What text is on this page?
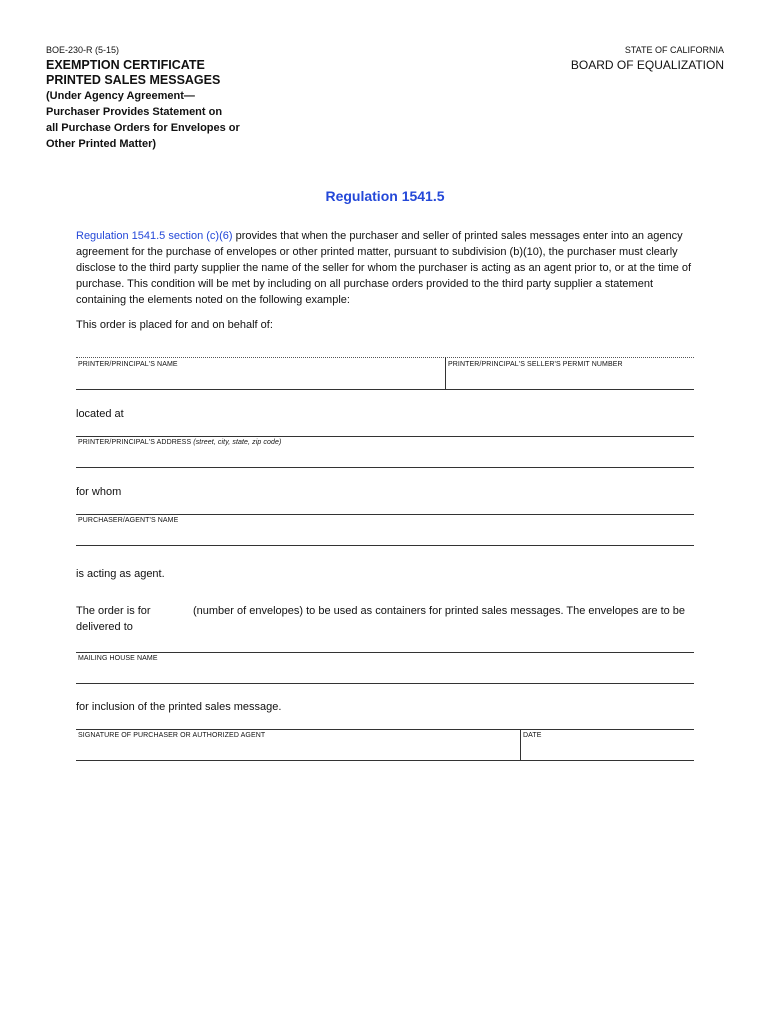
BOE-230-R (5-15)
EXEMPTION CERTIFICATE
PRINTED SALES MESSAGES
(Under Agency Agreement—
Purchaser Provides Statement on
all Purchase Orders for Envelopes or
Other Printed Matter)
STATE OF CALIFORNIA
BOARD OF EQUALIZATION
Regulation 1541.5
Regulation 1541.5 section (c)(6) provides that when the purchaser and seller of printed sales messages enter into an agency agreement for the purchase of envelopes or other printed matter, pursuant to subdivision (b)(10), the purchaser must clearly disclose to the third party supplier the name of the seller for whom the purchaser is acting as an agent prior to, or at the time of purchase. This condition will be met by including on all purchase orders provided to the third party supplier a statement containing the elements noted on the following example:
This order is placed for and on behalf of:
PRINTER/PRINCIPAL'S NAME	PRINTER/PRINCIPAL'S SELLER'S PERMIT NUMBER
located at
PRINTER/PRINCIPAL'S ADDRESS (street, city, state, zip code)
for whom
PURCHASER/AGENT'S NAME
is acting as agent.
The order is for	(number of envelopes) to be used as containers for printed sales messages. The envelopes are to be
delivered to
MAILING HOUSE NAME
for inclusion of the printed sales message.
SIGNATURE OF PURCHASER OR AUTHORIZED AGENT	DATE
